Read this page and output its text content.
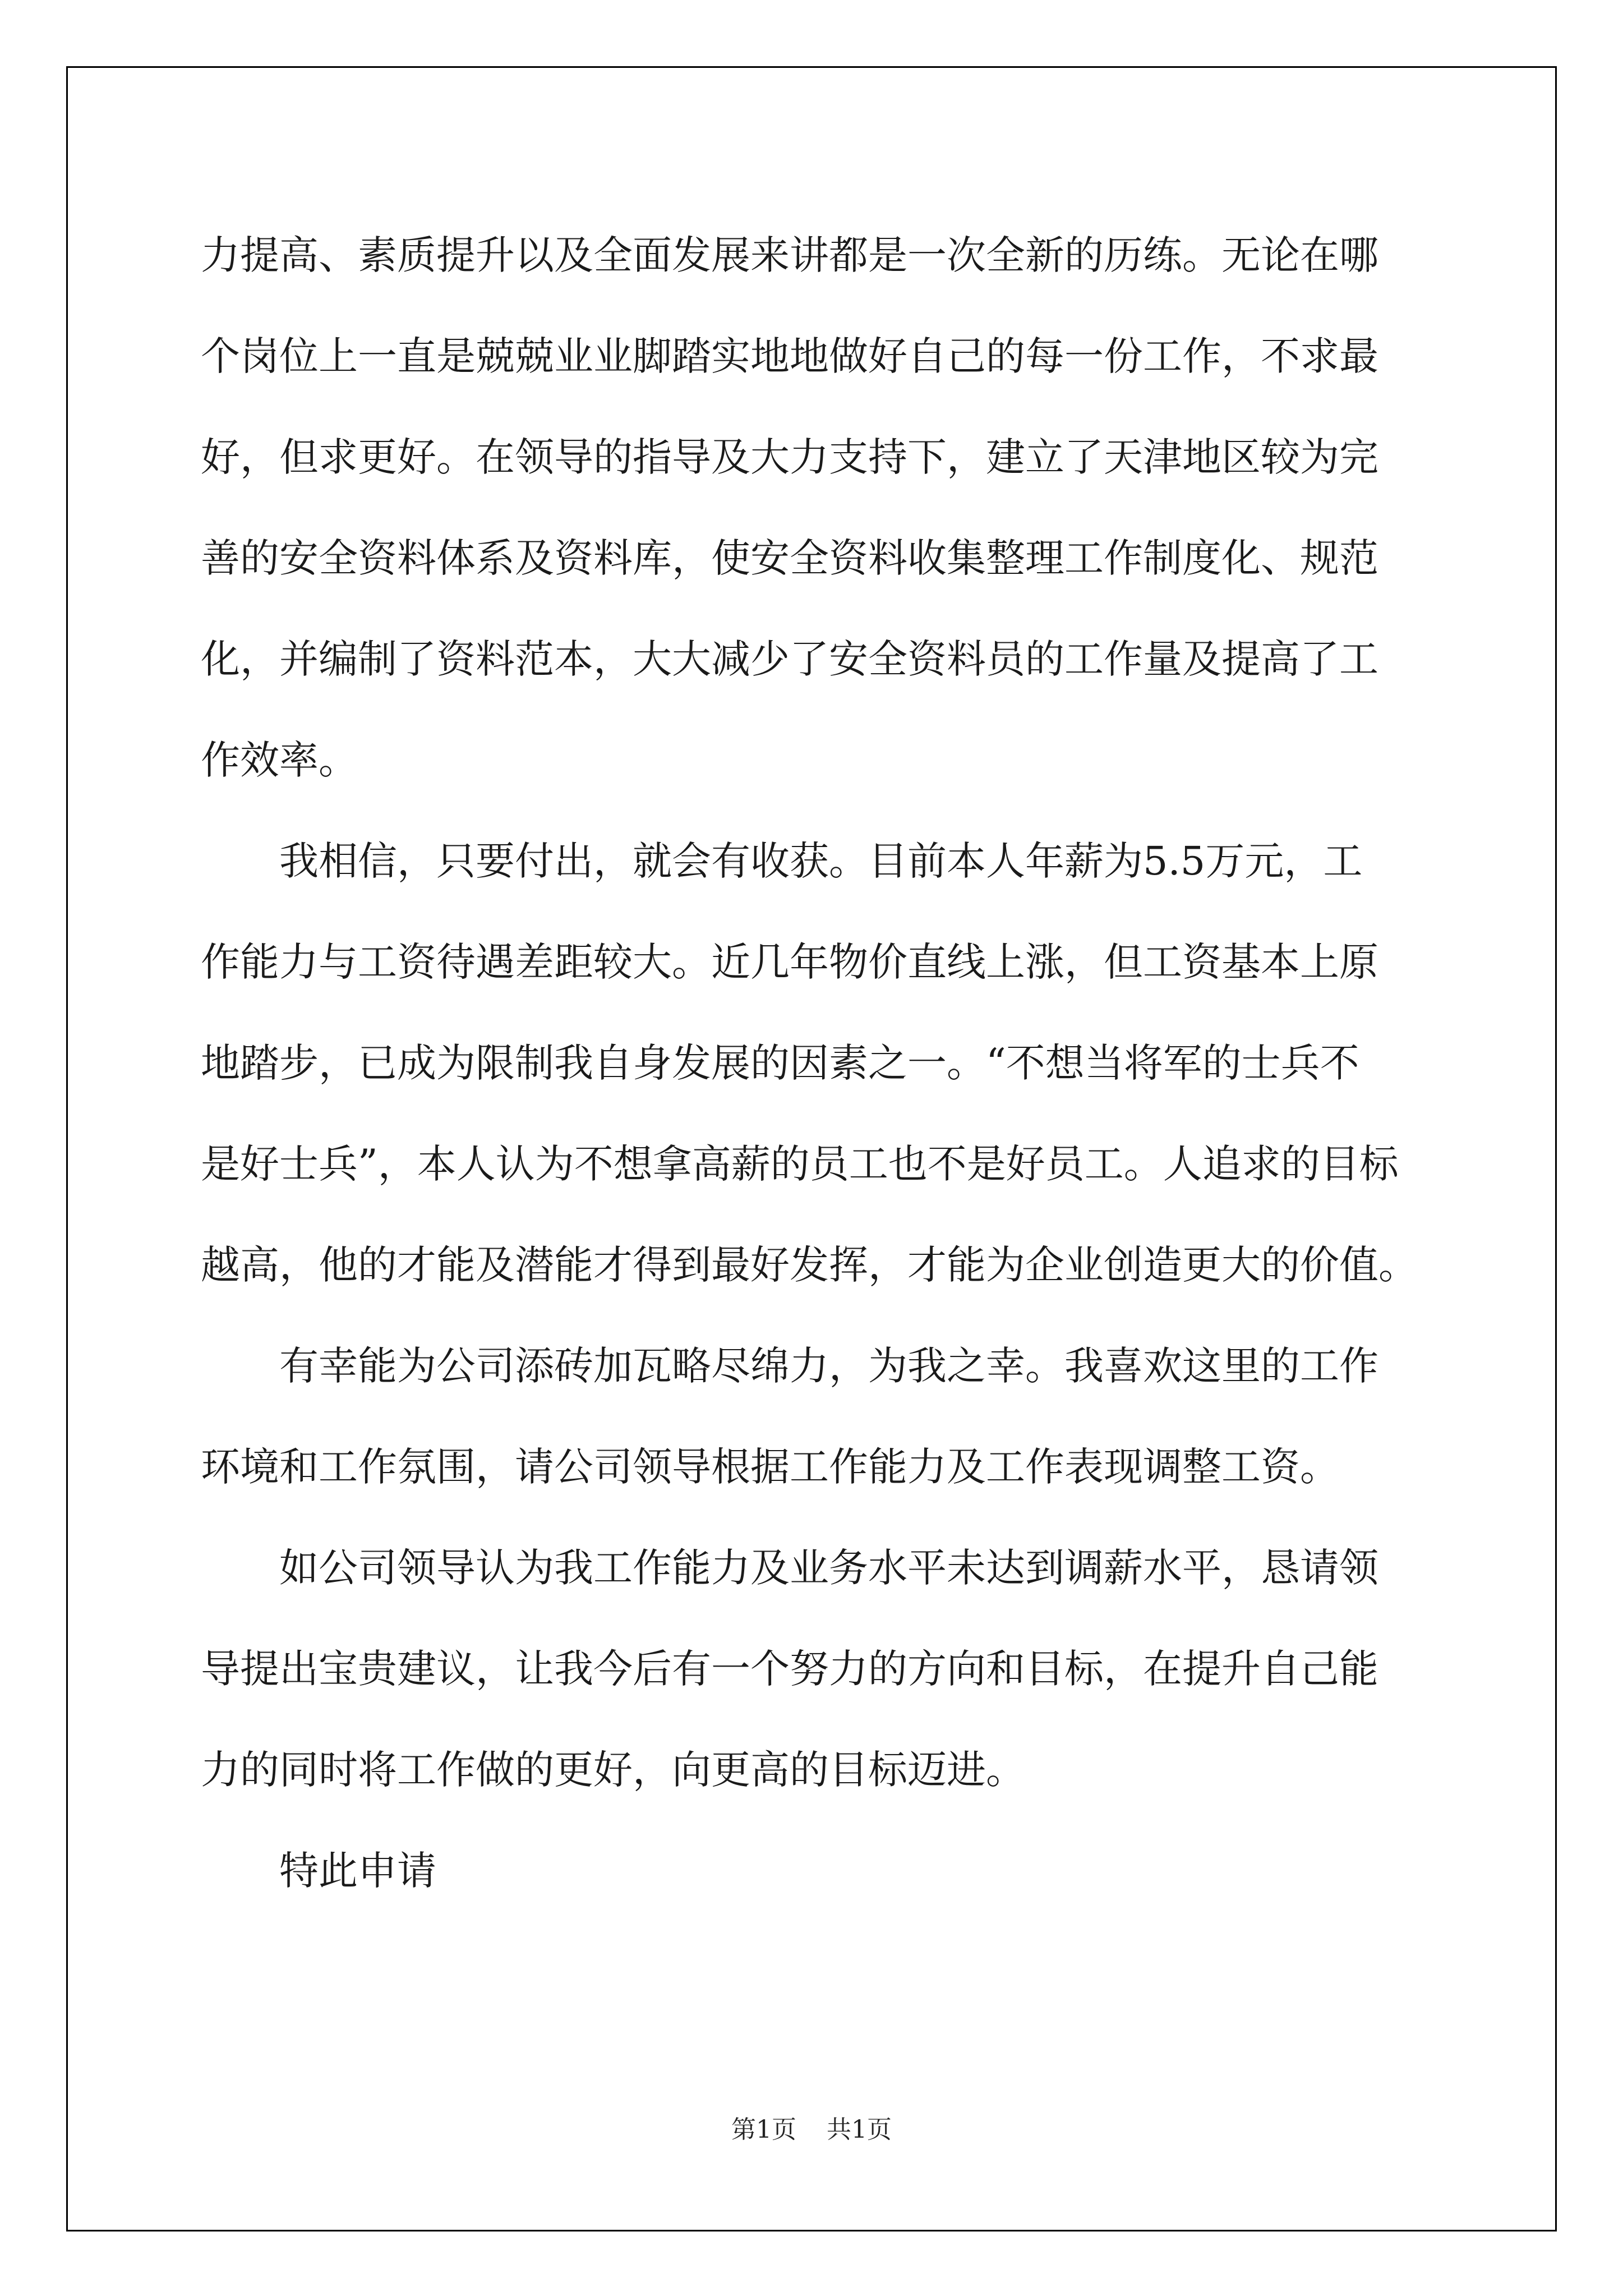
力提高、素质提升以及全面发展来讲都是一次全新的历练。无论在哪
个岗位上一直是兢兢业业脚踏实地地做好自己的每一份工作，不求最
好，但求更好。在领导的指导及大力支持下，建立了天津地区较为完
善的安全资料体系及资料库，使安全资料收集整理工作制度化、规范
化，并编制了资料范本，大大减少了安全资料员的工作量及提高了工
作效率。
我相信，只要付出，就会有收获。目前本人年薪为5.5万元，工
作能力与工资待遇差距较大。近几年物价直线上涨，但工资基本上原
地踏步，已成为限制我自身发展的因素之一。“不想当将军的士兵不
是好士兵”，本人认为不想拿高薪的员工也不是好员工。人追求的目标
越高，他的才能及潜能才得到最好发挥，才能为企业创造更大的价值。
有幸能为公司添砖加瓦略尽绵力，为我之幸。我喜欢这里的工作
环境和工作氛围，请公司领导根据工作能力及工作表现调整工资。
如公司领导认为我工作能力及业务水平未达到调薪水平，恳请领
导提出宝贵建议，让我今后有一个努力的方向和目标，在提升自己能
力的同时将工作做的更好，向更高的目标迈进。
特此申请
第1页 共1页
